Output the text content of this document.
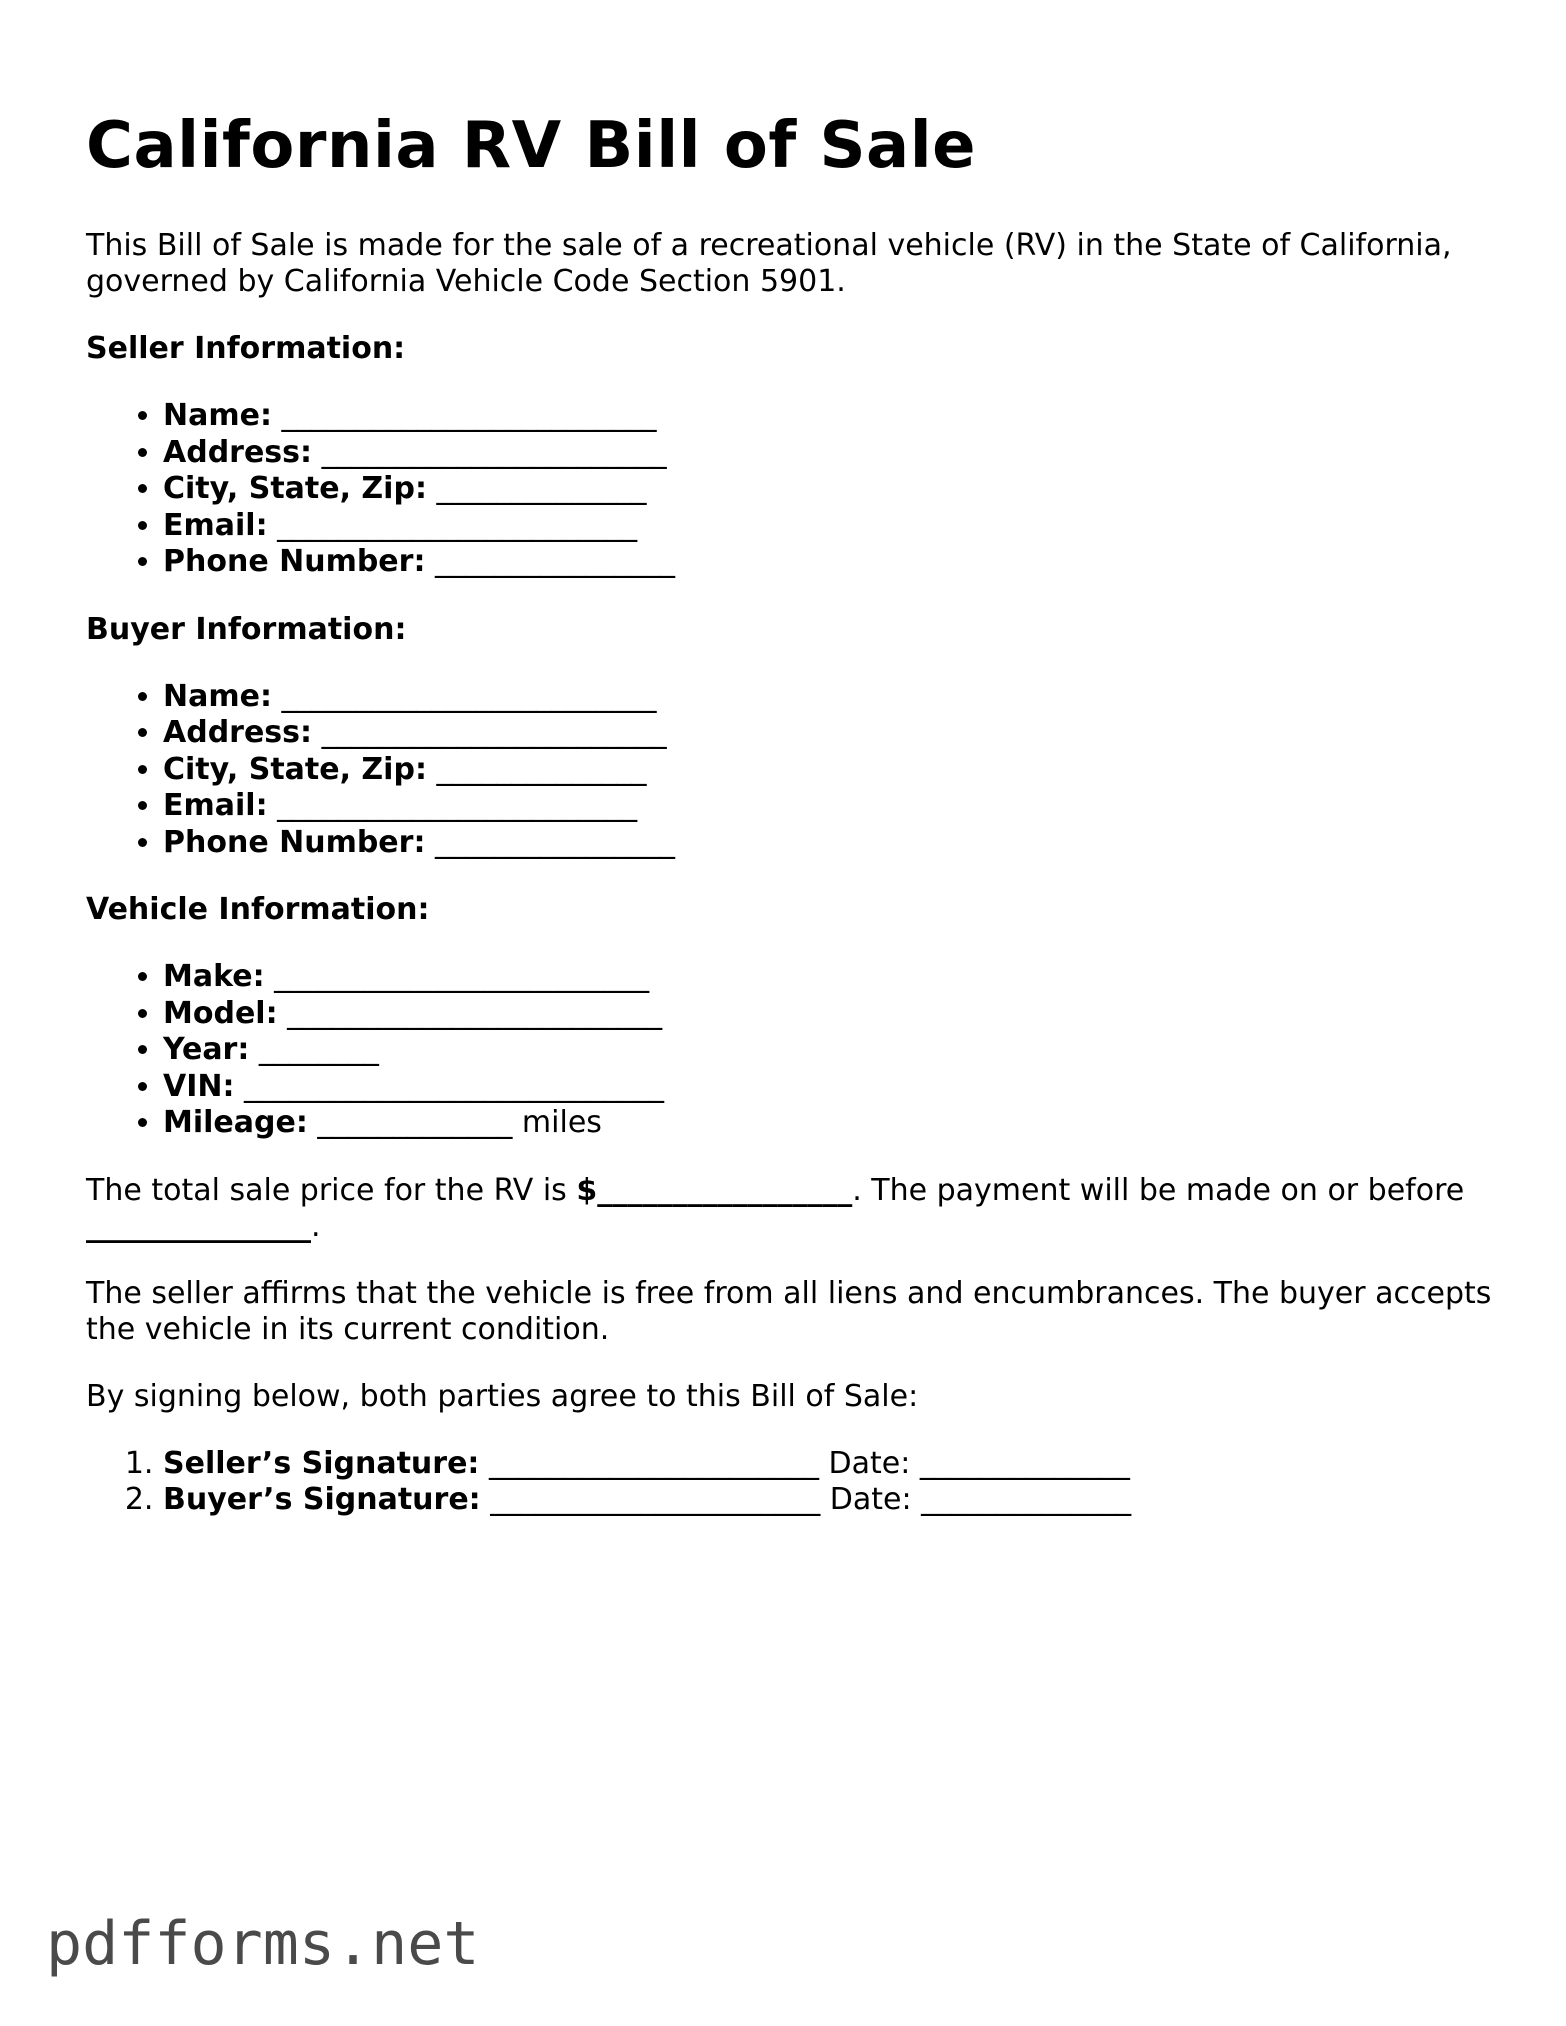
California RV Bill of Sale

This Bill of Sale is made for the sale of a recreational vehicle (RV) in the State of California, governed by California Vehicle Code Section 5901.

Seller Information:
• Name: _________________________
• Address: _______________________
• City, State, Zip: ______________
• Email: ________________________
• Phone Number: ________________
Buyer Information:
• Name: _________________________
• Address: _______________________
• City, State, Zip: ______________
• Email: ________________________
• Phone Number: ________________
Vehicle Information:
• Make: _________________________
• Model: _________________________
• Year: ________
• VIN: ____________________________
• Mileage: _____________ miles

The total sale price for the RV is $_________________. The payment will be made on or before _______________.

The seller affirms that the vehicle is free from all liens and encumbrances. The buyer accepts the vehicle in its current condition.

By signing below, both parties agree to this Bill of Sale:

1. Seller’s Signature: ______________________ Date: ______________
2. Buyer’s Signature: ______________________ Date: ______________
pdfforms.net
